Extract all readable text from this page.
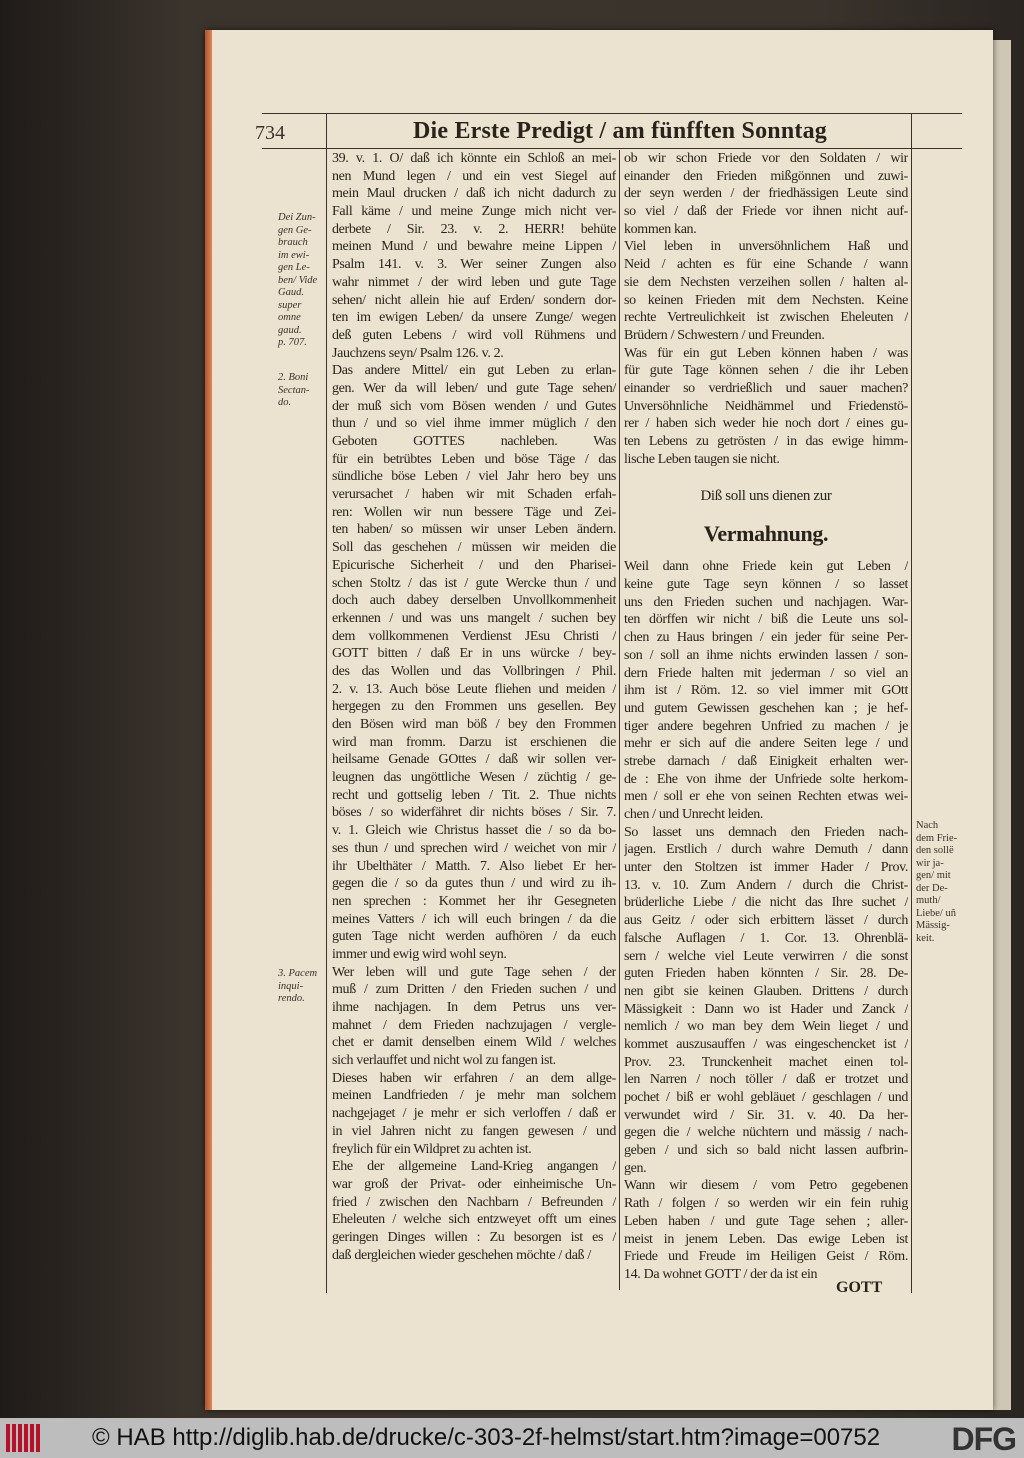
734	Die Erste Predigt / am fünfften Sonntag
39. v. 1. O/ daß ich könnte ein Schloß an mei-
nen Mund legen / und ein vest Siegel auf
mein Maul drucken / daß ich nicht dadurch zu
Fall käme / und meine Zunge mich nicht ver-
derbete / Sir. 23. v. 2. HERR! behüte
meinen Mund / und bewahre meine Lippen /
Psalm 141. v. 3. Wer seiner Zungen also
wahr nimmet / der wird leben und gute Tage
sehen/ nicht allein hie auf Erden/ sondern dor-
ten im ewigen Leben/ da unsere Zunge/ wegen
deß guten Lebens / wird voll Rühmens und
Jauchzens seyn/ Psalm 126. v. 2.
Das andere Mittel/ ein gut Leben zu erlan-
gen. Wer da will leben/ und gute Tage sehen/
der muß sich vom Bösen wenden / und Gutes
thun / und so viel ihme immer müglich / den
Geboten GOTTES nachleben. Was
für ein betrübtes Leben und böse Täge / das
sündliche böse Leben / viel Jahr hero bey uns
verursachet / haben wir mit Schaden erfah-
ren: Wollen wir nun bessere Täge und Zei-
ten haben/ so müssen wir unser Leben ändern.
Soll das geschehen / müssen wir meiden die
Epicurische Sicherheit / und den Pharisei-
schen Stoltz / das ist / gute Wercke thun / und
doch auch dabey derselben Unvollkommenheit
erkennen / und was uns mangelt / suchen bey
dem vollkommenen Verdienst JEsu Christi /
GOTT bitten / daß Er in uns würcke / bey-
des das Wollen und das Vollbringen / Phil.
2. v. 13. Auch böse Leute fliehen und meiden /
hergegen zu den Frommen uns gesellen. Bey
den Bösen wird man böß / bey den Frommen
wird man fromm. Darzu ist erschienen die
heilsame Genade GOttes / daß wir sollen ver-
leugnen das ungöttliche Wesen / züchtig / ge-
recht und gottselig leben / Tit. 2. Thue nichts
böses / so widerfähret dir nichts böses / Sir. 7.
v. 1. Gleich wie Christus hasset die / so da bo-
ses thun / und sprechen wird / weichet von mir /
ihr Ubelthäter / Matth. 7. Also liebet Er her-
gegen die / so da gutes thun / und wird zu ih-
nen sprechen : Kommet her ihr Gesegneten
meines Vatters / ich will euch bringen / da die
guten Tage nicht werden aufhören / da euch
immer und ewig wird wohl seyn.
Wer leben will und gute Tage sehen / der
muß / zum Dritten / den Frieden suchen / und
ihme nachjagen. In dem Petrus uns ver-
mahnet / dem Frieden nachzujagen / vergle-
chet er damit denselben einem Wild / welches
sich verlauffet und nicht wol zu fangen ist.
Dieses haben wir erfahren / an dem allge-
meinen Landfrieden / je mehr man solchem
nachgejaget / je mehr er sich verloffen / daß er
in viel Jahren nicht zu fangen gewesen / und
freylich für ein Wildpret zu achten ist.
Ehe der allgemeine Land-Krieg angangen /
war groß der Privat- oder einheimische Un-
fried / zwischen den Nachbarn / Befreunden /
Eheleuten / welche sich entzweyet offt um eines
geringen Dinges willen : Zu besorgen ist es /
daß dergleichen wieder geschehen möchte / daß /
ob wir schon Friede vor den Soldaten / wir
einander den Frieden mißgönnen und zuwi-
der seyn werden / der friedhässigen Leute sind
so viel / daß der Friede vor ihnen nicht auf-
kommen kan.
Viel leben in unversöhnlichem Haß und
Neid / achten es für eine Schande / wann
sie dem Nechsten verzeihen sollen / halten al-
so keinen Frieden mit dem Nechsten. Keine
rechte Vertreulichkeit ist zwischen Eheleuten /
Brüdern / Schwestern / und Freunden.
Was für ein gut Leben können haben / was
für gute Tage können sehen / die ihr Leben
einander so verdrießlich und sauer machen?
Unversöhnliche Neidhämmel und Friedenstö-
rer / haben sich weder hie noch dort / eines gu-
ten Lebens zu getrösten / in das ewige himm-
lische Leben taugen sie nicht.
Diß soll uns dienen zur
Vermahnung.
Weil dann ohne Friede kein gut Leben /
keine gute Tage seyn können / so lasset
uns den Frieden suchen und nachjagen. War-
ten dörffen wir nicht / biß die Leute uns sol-
chen zu Haus bringen / ein jeder für seine Per-
son / soll an ihme nichts erwinden lassen / son-
dern Friede halten mit jederman / so viel an
ihm ist / Röm. 12. so viel immer mit GOtt
und gutem Gewissen geschehen kan ; je hef-
tiger andere begehren Unfried zu machen / je
mehr er sich auf die andere Seiten lege / und
strebe darnach / daß Einigkeit erhalten wer-
de : Ehe von ihme der Unfriede solte herkom-
men / soll er ehe von seinen Rechten etwas wei-
chen / und Unrecht leiden.
So lasset uns demnach den Frieden nach-
jagen. Erstlich / durch wahre Demuth / dann
unter den Stoltzen ist immer Hader / Prov.
13. v. 10. Zum Andern / durch die Christ-
brüderliche Liebe / die nicht das Ihre suchet /
aus Geitz / oder sich erbittern lässet / durch
falsche Auflagen / 1. Cor. 13. Ohrenblä-
sern / welche viel Leute verwirren / die sonst
guten Frieden haben könnten / Sir. 28. De-
nen gibt sie keinen Glauben. Drittens / durch
Mässigkeit : Dann wo ist Hader und Zanck /
nemlich / wo man bey dem Wein lieget / und
kommet auszusauffen / was eingeschencket ist /
Prov. 23. Trunckenheit machet einen tol-
len Narren / noch töller / daß er trotzet und
pochet / biß er wohl gebläuet / geschlagen / und
verwundet wird / Sir. 31. v. 40. Da her-
gegen die / welche nüchtern und mässig / nach-
geben / und sich so bald nicht lassen aufbrin-
gen.
Wann wir diesem / vom Petro gegebenen
Rath / folgen / so werden wir ein fein ruhig
Leben haben / und gute Tage sehen ; aller-
meist in jenem Leben. Das ewige Leben ist
Friede und Freude im Heiligen Geist / Röm.
14. Da wohnet GOTT / der da ist ein
Dei Zun-
gen Ge-
brauch
im ewi-
gen Le-
ben/ Vide
Gaud.
super
omne
gaud.
p. 707.
2. Boni
Sectan-
do.
3. Pacem
inqui-
rendo.
Nach
dem Frie-
den sollë
wir ja-
gen/ mit
der De-
muth/
Liebe/ uñ
Mässig-
keit.
GOTT
© HAB http://diglib.hab.de/drucke/c-303-2f-helmst/start.htm?image=00752 DFG
